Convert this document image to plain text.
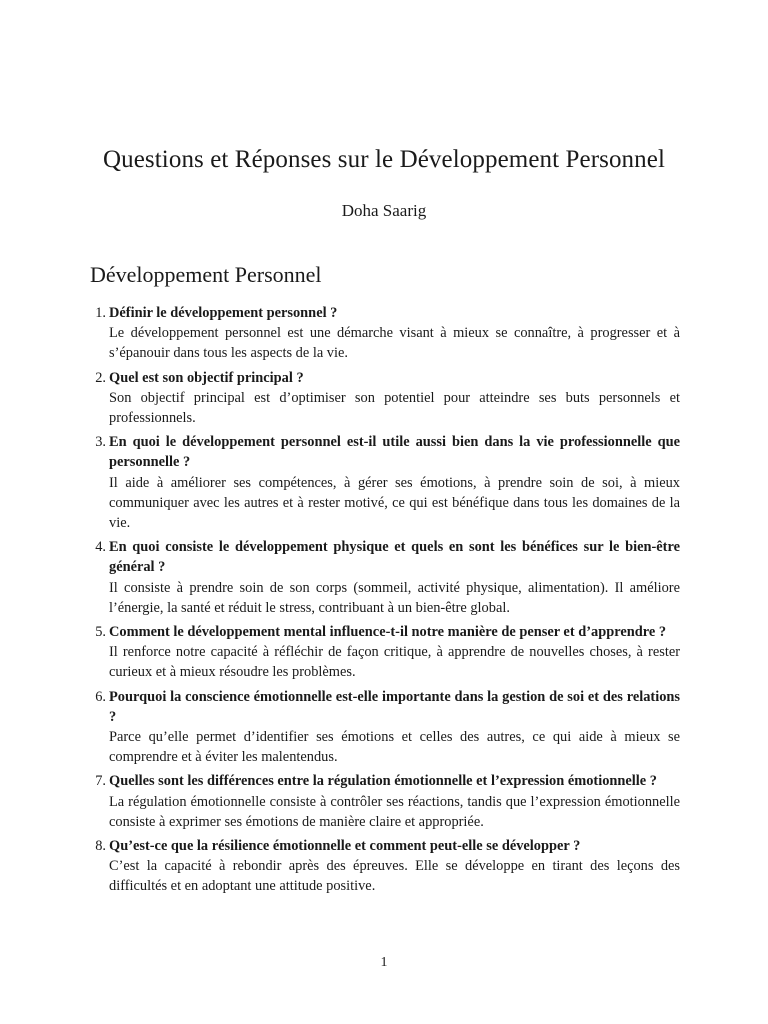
Questions et Réponses sur le Développement Personnel
Doha Saarig
Développement Personnel
1. Définir le développement personnel ?
Le développement personnel est une démarche visant à mieux se connaître, à progresser et à s’épanouir dans tous les aspects de la vie.
2. Quel est son objectif principal ?
Son objectif principal est d’optimiser son potentiel pour atteindre ses buts personnels et professionnels.
3. En quoi le développement personnel est-il utile aussi bien dans la vie professionnelle que personnelle ?
Il aide à améliorer ses compétences, à gérer ses émotions, à prendre soin de soi, à mieux communiquer avec les autres et à rester motivé, ce qui est bénéfique dans tous les domaines de la vie.
4. En quoi consiste le développement physique et quels en sont les bénéfices sur le bien-être général ?
Il consiste à prendre soin de son corps (sommeil, activité physique, alimentation). Il améliore l’énergie, la santé et réduit le stress, contribuant à un bien-être global.
5. Comment le développement mental influence-t-il notre manière de penser et d’apprendre ?
Il renforce notre capacité à réfléchir de façon critique, à apprendre de nouvelles choses, à rester curieux et à mieux résoudre les problèmes.
6. Pourquoi la conscience émotionnelle est-elle importante dans la gestion de soi et des relations ?
Parce qu’elle permet d’identifier ses émotions et celles des autres, ce qui aide à mieux se comprendre et à éviter les malentendus.
7. Quelles sont les différences entre la régulation émotionnelle et l’expression émotionnelle ?
La régulation émotionnelle consiste à contrôler ses réactions, tandis que l’expression émotionnelle consiste à exprimer ses émotions de manière claire et appropriée.
8. Qu’est-ce que la résilience émotionnelle et comment peut-elle se développer ?
C’est la capacité à rebondir après des épreuves. Elle se développe en tirant des leçons des difficultés et en adoptant une attitude positive.
1
